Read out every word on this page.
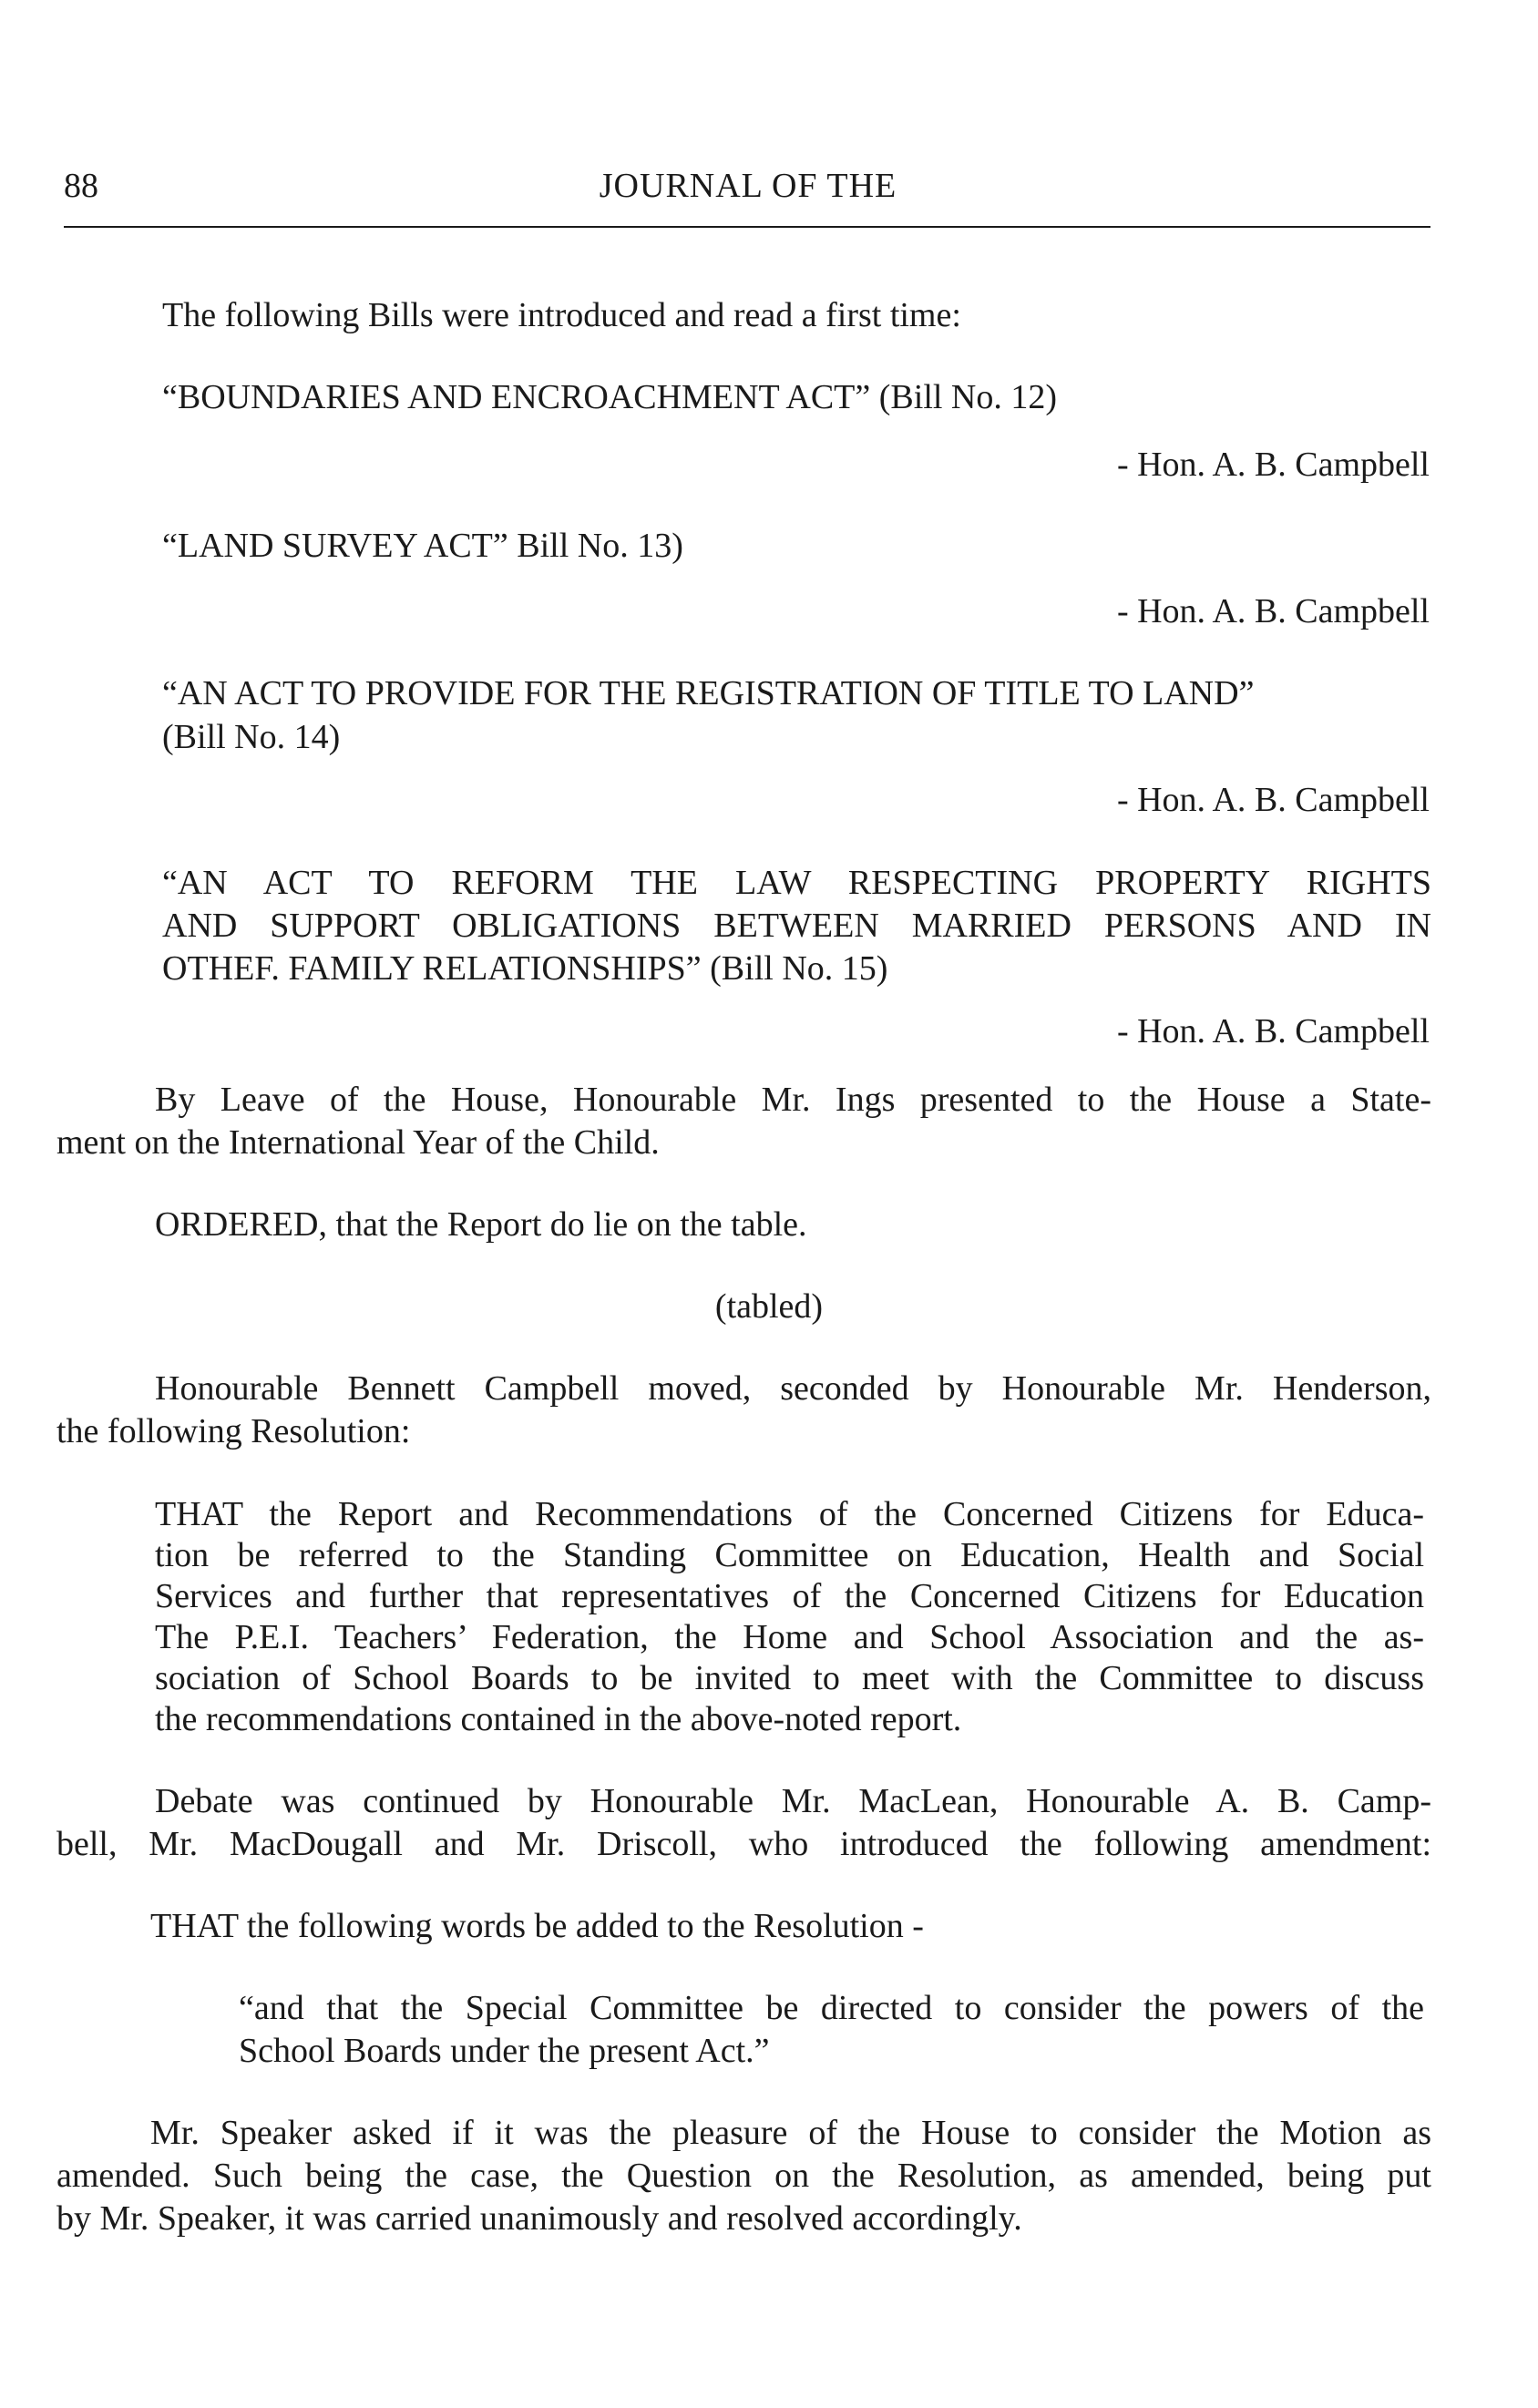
88	JOURNAL OF THE

The following Bills were introduced and read a first time:

“BOUNDARIES AND ENCROACHMENT ACT” (Bill No. 12)

- Hon. A. B. Campbell

“LAND SURVEY ACT” Bill No. 13)

- Hon. A. B. Campbell

“AN ACT TO PROVIDE FOR THE REGISTRATION OF TITLE TO LAND”

(Bill No. 14)

- Hon. A. B. Campbell

“AN ACT TO REFORM THE LAW RESPECTING PROPERTY RIGHTS

AND SUPPORT OBLIGATIONS BETWEEN MARRIED PERSONS AND IN

OTHEF. FAMILY RELATIONSHIPS” (Bill No. 15)

- Hon. A. B. Campbell

By Leave of the House, Honourable Mr. Ings presented to the House a State-

ment on the International Year of the Child.

ORDERED, that the Report do lie on the table.

(tabled)

Honourable Bennett Campbell moved, seconded by Honourable Mr. Henderson,

the following Resolution:

THAT the Report and Recommendations of the Concerned Citizens for Educa-

tion be referred to the Standing Committee on Education, Health and Social

Services and further that representatives of the Concerned Citizens for Education

The P.E.I. Teachers’ Federation, the Home and School Association and the as-

sociation of School Boards to be invited to meet with the Committee to discuss

the recommendations contained in the above-noted report.

Debate was continued by Honourable Mr. MacLean, Honourable A. B. Camp-

bell, Mr. MacDougall and Mr. Driscoll, who introduced the following amendment:

THAT the following words be added to the Resolution -

“and that the Special Committee be directed to consider the powers of the

School Boards under the present Act.”

Mr. Speaker asked if it was the pleasure of the House to consider the Motion as

amended. Such being the case, the Question on the Resolution, as amended, being put

by Mr. Speaker, it was carried unanimously and resolved accordingly.
